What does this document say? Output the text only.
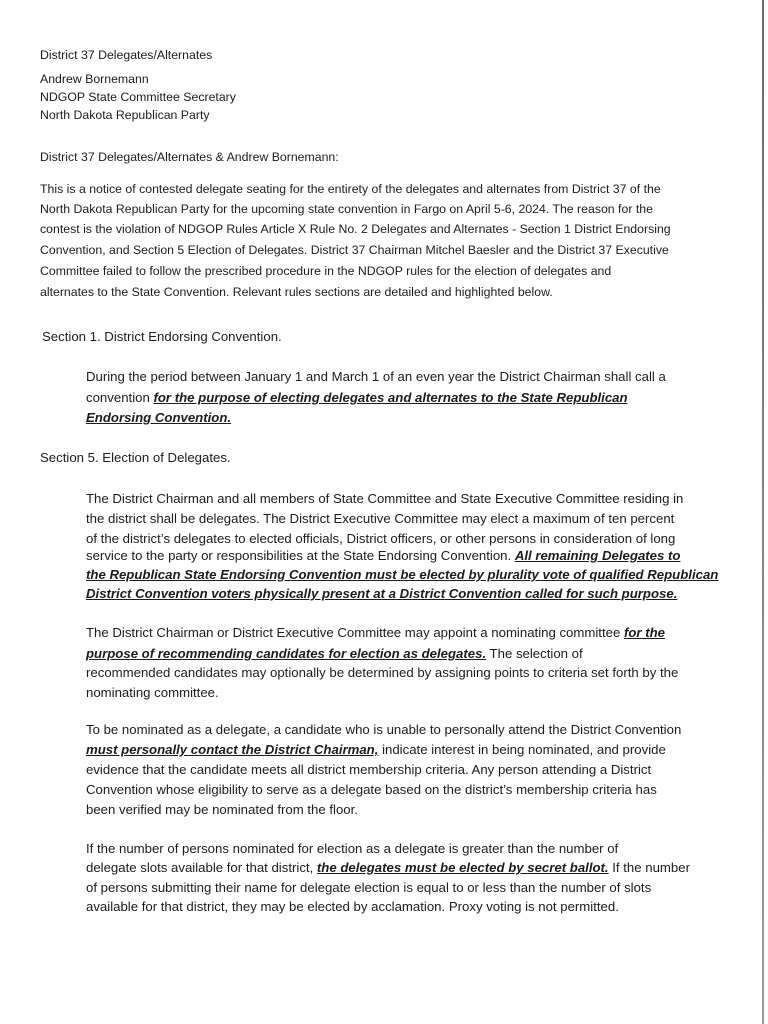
District 37 Delegates/Alternates
Andrew Bornemann
NDGOP State Committee Secretary
North Dakota Republican Party
District 37 Delegates/Alternates & Andrew Bornemann:
This is a notice of contested delegate seating for the entirety of the delegates and alternates from District 37 of the
North Dakota Republican Party for the upcoming state convention in Fargo on April 5-6, 2024. The reason for the
contest is the violation of NDGOP Rules Article X Rule No. 2 Delegates and Alternates - Section 1 District Endorsing
Convention, and Section 5 Election of Delegates. District 37 Chairman Mitchel Baesler and the District 37 Executive
Committee failed to follow the prescribed procedure in the NDGOP rules for the election of delegates and
alternates to the State Convention. Relevant rules sections are detailed and highlighted below.
Section 1. District Endorsing Convention.
During the period between January 1 and March 1 of an even year the District Chairman shall call a
convention for the purpose of electing delegates and alternates to the State Republican
Endorsing Convention.
Section 5. Election of Delegates.
The District Chairman and all members of State Committee and State Executive Committee residing in
the district shall be delegates. The District Executive Committee may elect a maximum of ten percent
of the district’s delegates to elected officials, District officers, or other persons in consideration of long
service to the party or responsibilities at the State Endorsing Convention. All remaining Delegates to
the Republican State Endorsing Convention must be elected by plurality vote of qualified Republican
District Convention voters physically present at a District Convention called for such purpose.
The District Chairman or District Executive Committee may appoint a nominating committee for the
purpose of recommending candidates for election as delegates. The selection of
recommended candidates may optionally be determined by assigning points to criteria set forth by the
nominating committee.
To be nominated as a delegate, a candidate who is unable to personally attend the District Convention
must personally contact the District Chairman, indicate interest in being nominated, and provide
evidence that the candidate meets all district membership criteria. Any person attending a District
Convention whose eligibility to serve as a delegate based on the district’s membership criteria has
been verified may be nominated from the floor.
If the number of persons nominated for election as a delegate is greater than the number of
delegate slots available for that district, the delegates must be elected by secret ballot. If the number
of persons submitting their name for delegate election is equal to or less than the number of slots
available for that district, they may be elected by acclamation. Proxy voting is not permitted.
